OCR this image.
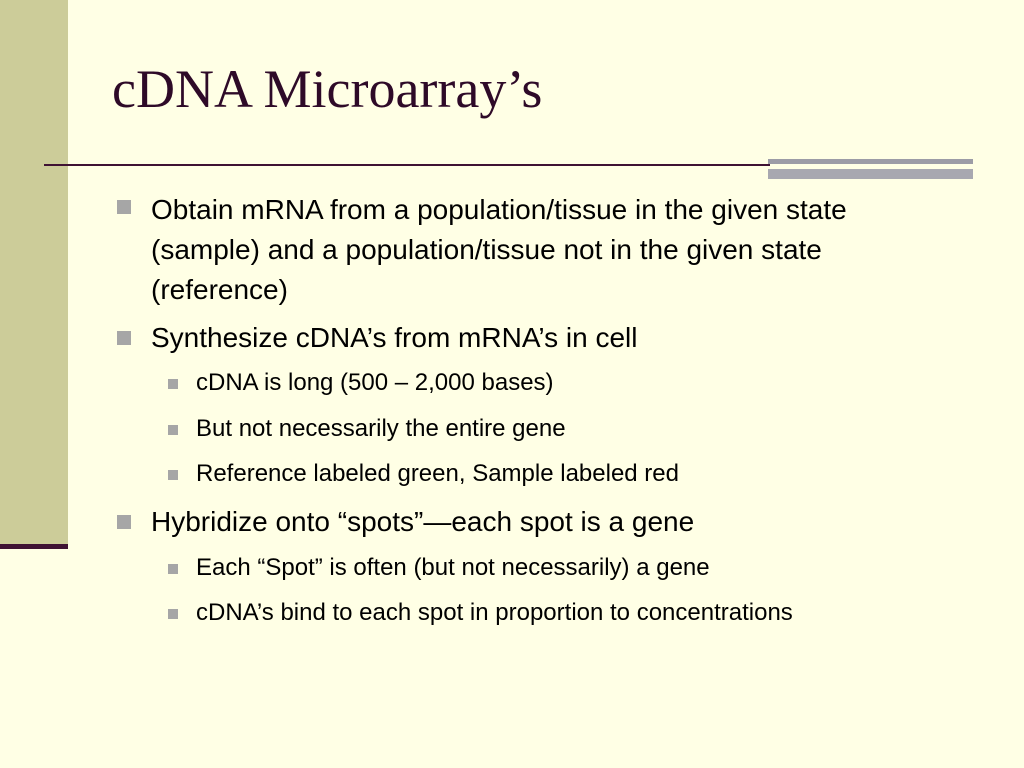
cDNA Microarray’s
Obtain mRNA from a population/tissue in the given state (sample) and a population/tissue not in the given state (reference)
Synthesize cDNA’s from mRNA’s in cell
cDNA is long (500 – 2,000 bases)
But not necessarily the entire gene
Reference labeled green, Sample labeled red
Hybridize onto “spots”—each spot is a gene
Each “Spot” is often (but not necessarily) a gene
cDNA’s bind to each spot in proportion to concentrations
